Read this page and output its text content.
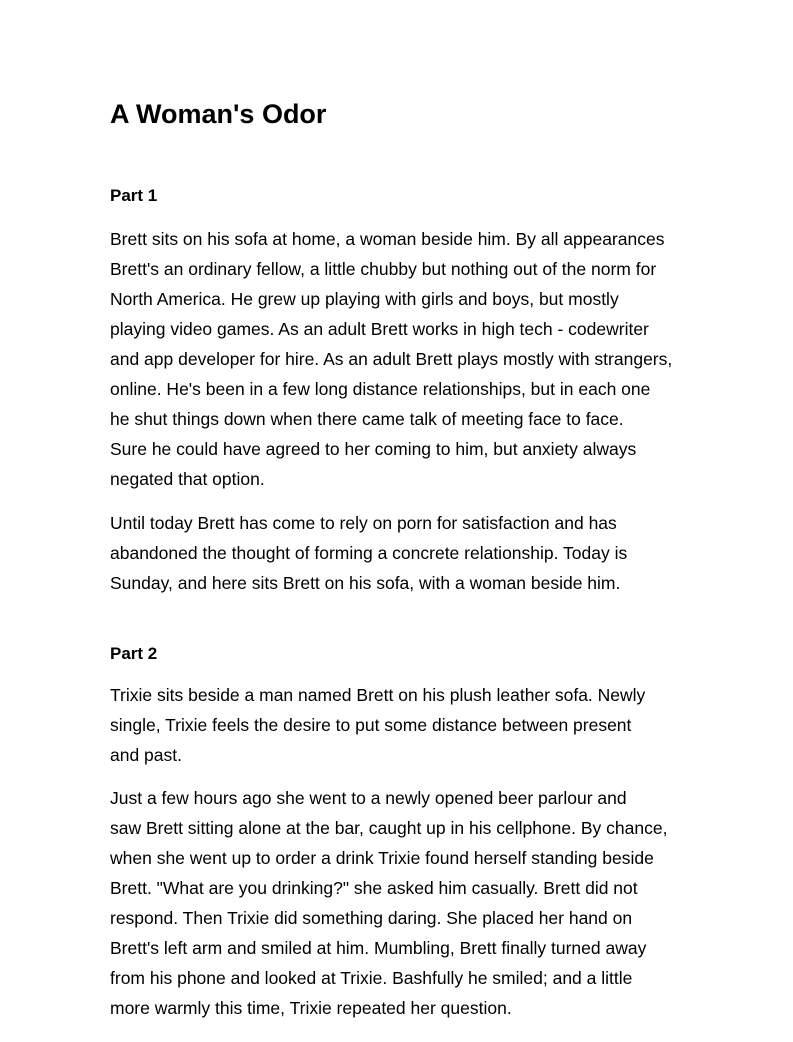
A Woman's Odor
Part 1

Brett sits on his sofa at home, a woman beside him. By all appearances
Brett's an ordinary fellow, a little chubby but nothing out of the norm for
North America. He grew up playing with girls and boys, but mostly
playing video games. As an adult Brett works in high tech - codewriter
and app developer for hire. As an adult Brett plays mostly with strangers,
online. He's been in a few long distance relationships, but in each one
he shut things down when there came talk of meeting face to face.
Sure he could have agreed to her coming to him, but anxiety always
negated that option.

Until today Brett has come to rely on porn for satisfaction and has
abandoned the thought of forming a concrete relationship. Today is
Sunday, and here sits Brett on his sofa, with a woman beside him.

Part 2

Trixie sits beside a man named Brett on his plush leather sofa. Newly
single, Trixie feels the desire to put some distance between present
and past.

Just a few hours ago she went to a newly opened beer parlour and
saw Brett sitting alone at the bar, caught up in his cellphone. By chance,
when she went up to order a drink Trixie found herself standing beside
Brett. "What are you drinking?" she asked him casually. Brett did not
respond. Then Trixie did something daring. She placed her hand on
Brett's left arm and smiled at him. Mumbling, Brett finally turned away
from his phone and looked at Trixie. Bashfully he smiled; and a little
more warmly this time, Trixie repeated her question.
